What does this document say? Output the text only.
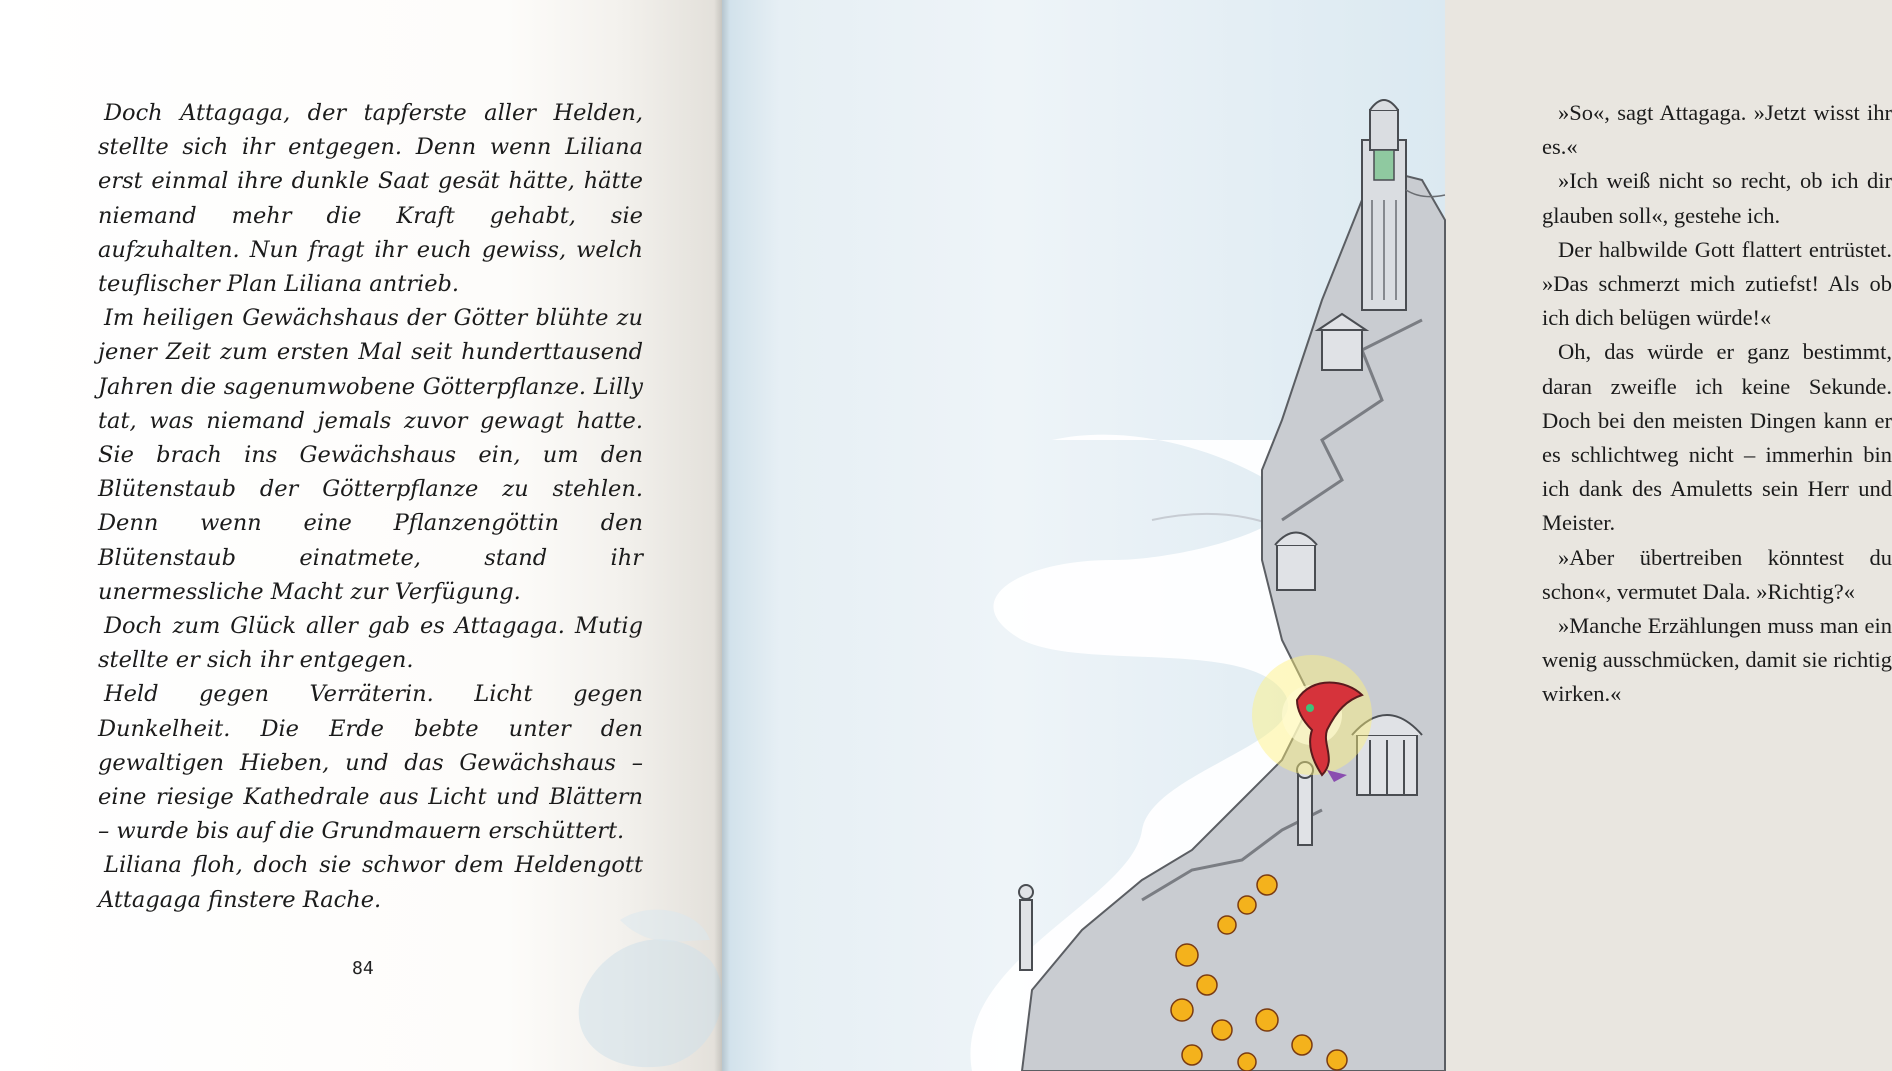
Doch Attagaga, der tapferste aller Helden, stellte sich ihr entgegen. Denn wenn Liliana erst einmal ihre dunkle Saat gesät hätte, hätte niemand mehr die Kraft gehabt, sie aufzuhalten. Nun fragt ihr euch gewiss, welch teuflischer Plan Liliana antrieb.

Im heiligen Gewächshaus der Götter blühte zu jener Zeit zum ersten Mal seit hunderttausend Jahren die sagenumwobene Götterpflanze. Lilly tat, was niemand jemals zuvor gewagt hatte. Sie brach ins Gewächshaus ein, um den Blütenstaub der Götterpflanze zu stehlen. Denn wenn eine Pflanzengöttin den Blütenstaub einatmete, stand ihr unermessliche Macht zur Verfügung.

Doch zum Glück aller gab es Attagaga. Mutig stellte er sich ihr entgegen.

Held gegen Verräterin. Licht gegen Dunkelheit. Die Erde bebte unter den gewaltigen Hieben, und das Gewächshaus – eine riesige Kathedrale aus Licht und Blättern – wurde bis auf die Grundmauern erschüttert.

Liliana floh, doch sie schwor dem Heldengott Attagaga finstere Rache.

84

»So«, sagt Attagaga. »Jetzt wisst ihr es.«

»Ich weiß nicht so recht, ob ich dir glauben soll«, gestehe ich.

Der halbwilde Gott flattert entrüstet. »Das schmerzt mich zutiefst! Als ob ich dich belügen würde!«

Oh, das würde er ganz bestimmt, daran zweifle ich keine Sekunde. Doch bei den meisten Dingen kann er es schlichtweg nicht – immerhin bin ich dank des Amuletts sein Herr und Meister.

»Aber übertreiben könntest du schon«, vermutet Dala. »Richtig?«

»Manche Erzählungen muss man ein wenig ausschmücken, damit sie richtig wirken.«
